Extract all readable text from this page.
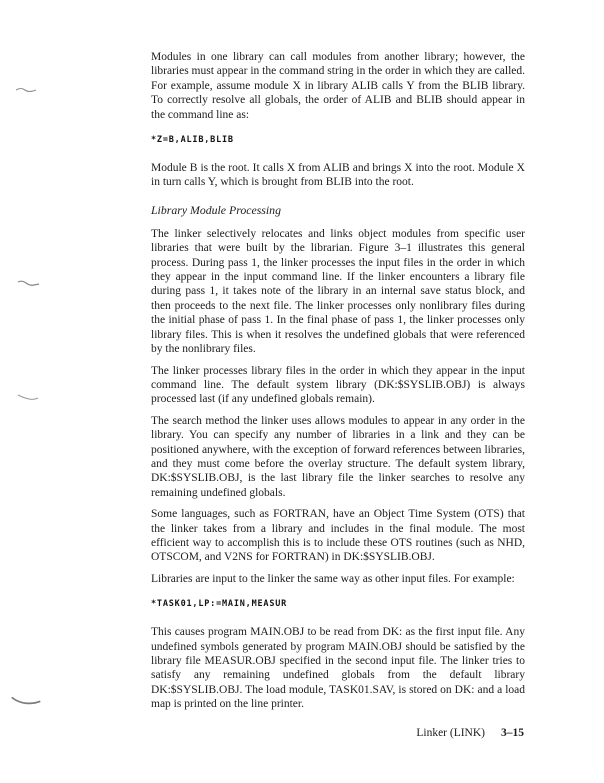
Modules in one library can call modules from another library; however, the libraries must appear in the command string in the order in which they are called. For example, assume module X in library ALIB calls Y from the BLIB library. To correctly resolve all globals, the order of ALIB and BLIB should appear in the command line as:

*Z=B,ALIB,BLIB

Module B is the root. It calls X from ALIB and brings X into the root. Module X in turn calls Y, which is brought from BLIB into the root.

Library Module Processing

The linker selectively relocates and links object modules from specific user libraries that were built by the librarian. Figure 3–1 illustrates this general process. During pass 1, the linker processes the input files in the order in which they appear in the input command line. If the linker encounters a library file during pass 1, it takes note of the library in an internal save status block, and then proceeds to the next file. The linker processes only nonlibrary files during the initial phase of pass 1. In the final phase of pass 1, the linker processes only library files. This is when it resolves the undefined globals that were referenced by the nonlibrary files.

The linker processes library files in the order in which they appear in the input command line. The default system library (DK:$SYSLIB.OBJ) is always processed last (if any undefined globals remain).

The search method the linker uses allows modules to appear in any order in the library. You can specify any number of libraries in a link and they can be positioned anywhere, with the exception of forward references between libraries, and they must come before the overlay structure. The default system library, DK:$SYSLIB.OBJ, is the last library file the linker searches to resolve any remaining undefined globals.

Some languages, such as FORTRAN, have an Object Time System (OTS) that the linker takes from a library and includes in the final module. The most efficient way to accomplish this is to include these OTS routines (such as NHD, OTSCOM, and V2NS for FORTRAN) in DK:$SYSLIB.OBJ.

Libraries are input to the linker the same way as other input files. For example:

*TASK01,LP:=MAIN,MEASUR

This causes program MAIN.OBJ to be read from DK: as the first input file. Any undefined symbols generated by program MAIN.OBJ should be satisfied by the library file MEASUR.OBJ specified in the second input file. The linker tries to satisfy any remaining undefined globals from the default library DK:$SYSLIB.OBJ. The load module, TASK01.SAV, is stored on DK: and a load map is printed on the line printer.

Linker (LINK) 3–15
